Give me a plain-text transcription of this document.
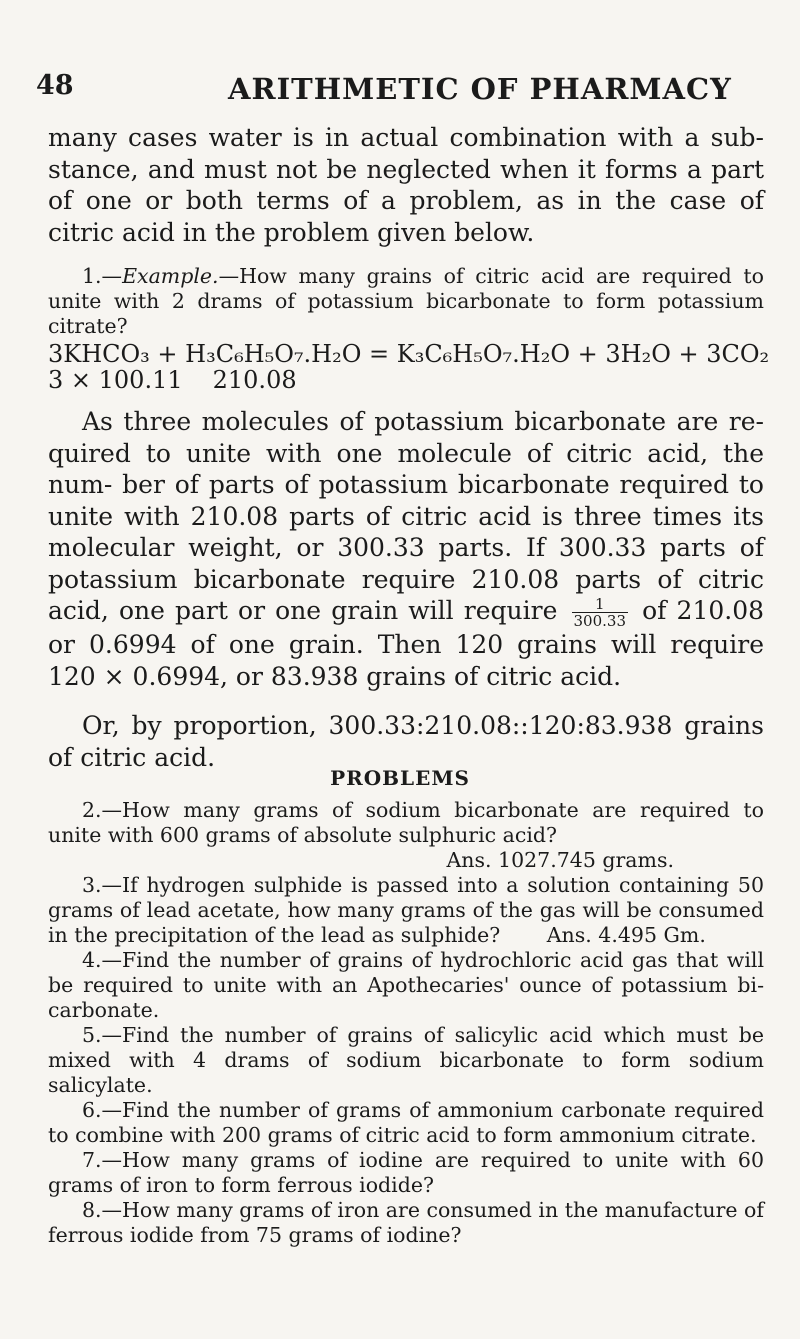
48	ARITHMETIC OF PHARMACY
many cases water is in actual combination with a sub- stance, and must not be neglected when it forms a part of one or both terms of a problem, as in the case of citric acid in the problem given below.
1.—Example.—How many grains of citric acid are required to unite with 2 drams of potassium bicarbonate to form potassium citrate?
3KHCO₃ + H₃C₆H₅O₇.H₂O = K₃C₆H₅O₇.H₂O + 3H₂O + 3CO₂
3 × 100.11 210.08
As three molecules of potassium bicarbonate are re- quired to unite with one molecule of citric acid, the num- ber of parts of potassium bicarbonate required to unite with 210.08 parts of citric acid is three times its molecular weight, or 300.33 parts. If 300.33 parts of potassium bicarbonate require 210.08 parts of citric acid, one part or one grain will require $\frac{1}{300.33}$ of 210.08 or 0.6994 of one grain. Then 120 grains will require 120 × 0.6994, or 83.938 grains of citric acid.
Or, by proportion, 300.33:210.08::120:83.938 grains of citric acid.
PROBLEMS
2.—How many grams of sodium bicarbonate are required to unite with 600 grams of absolute sulphuric acid?
Ans. 1027.745 grams.
3.—If hydrogen sulphide is passed into a solution containing 50 grams of lead acetate, how many grams of the gas will be consumed in the precipitation of the lead as sulphide? Ans. 4.495 Gm.
4.—Find the number of grains of hydrochloric acid gas that will be required to unite with an Apothecaries' ounce of potassium bi- carbonate.
5.—Find the number of grains of salicylic acid which must be mixed with 4 drams of sodium bicarbonate to form sodium salicylate.
6.—Find the number of grams of ammonium carbonate required to combine with 200 grams of citric acid to form ammonium citrate.
7.—How many grams of iodine are required to unite with 60 grams of iron to form ferrous iodide?
8.—How many grams of iron are consumed in the manufacture of ferrous iodide from 75 grams of iodine?
